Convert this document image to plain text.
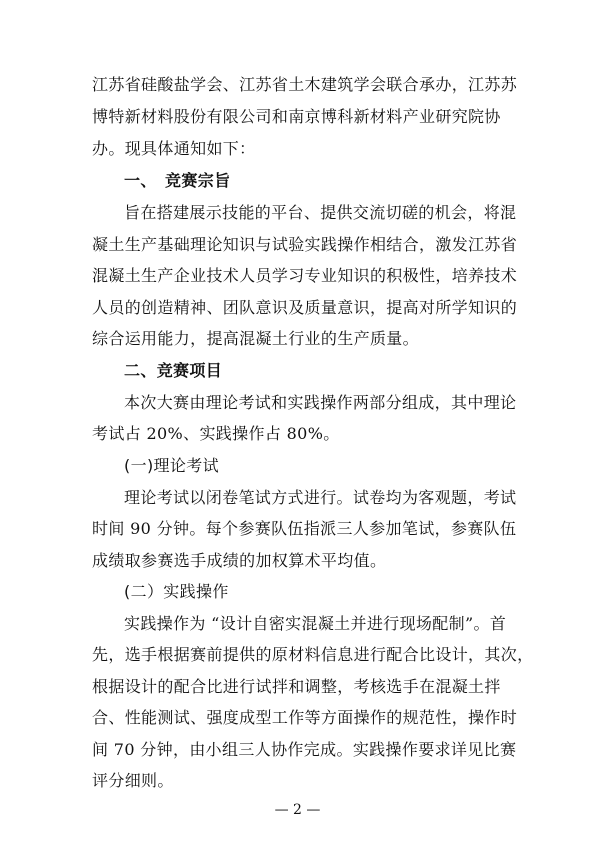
江苏省硅酸盐学会、江苏省土木建筑学会联合承办，江苏苏
博特新材料股份有限公司和南京博科新材料产业研究院协
办。现具体通知如下：
一、　竞赛宗旨
旨在搭建展示技能的平台、提供交流切磋的机会，将混
凝土生产基础理论知识与试验实践操作相结合，激发江苏省
混凝土生产企业技术人员学习专业知识的积极性，培养技术
人员的创造精神、团队意识及质量意识，提高对所学知识的
综合运用能力，提高混凝土行业的生产质量。
二、竞赛项目
本次大赛由理论考试和实践操作两部分组成，其中理论
考试占 20%、实践操作占 80%。
(一)理论考试
理论考试以闭卷笔试方式进行。试卷均为客观题，考试
时间 90 分钟。每个参赛队伍指派三人参加笔试，参赛队伍
成绩取参赛选手成绩的加权算术平均值。
(二）实践操作
实践操作为 “设计自密实混凝土并进行现场配制”。首
先，选手根据赛前提供的原材料信息进行配合比设计，其次，
根据设计的配合比进行试拌和调整，考核选手在混凝土拌
合、性能测试、强度成型工作等方面操作的规范性，操作时
间 70 分钟，由小组三人协作完成。实践操作要求详见比赛
评分细则。
— 2 —
